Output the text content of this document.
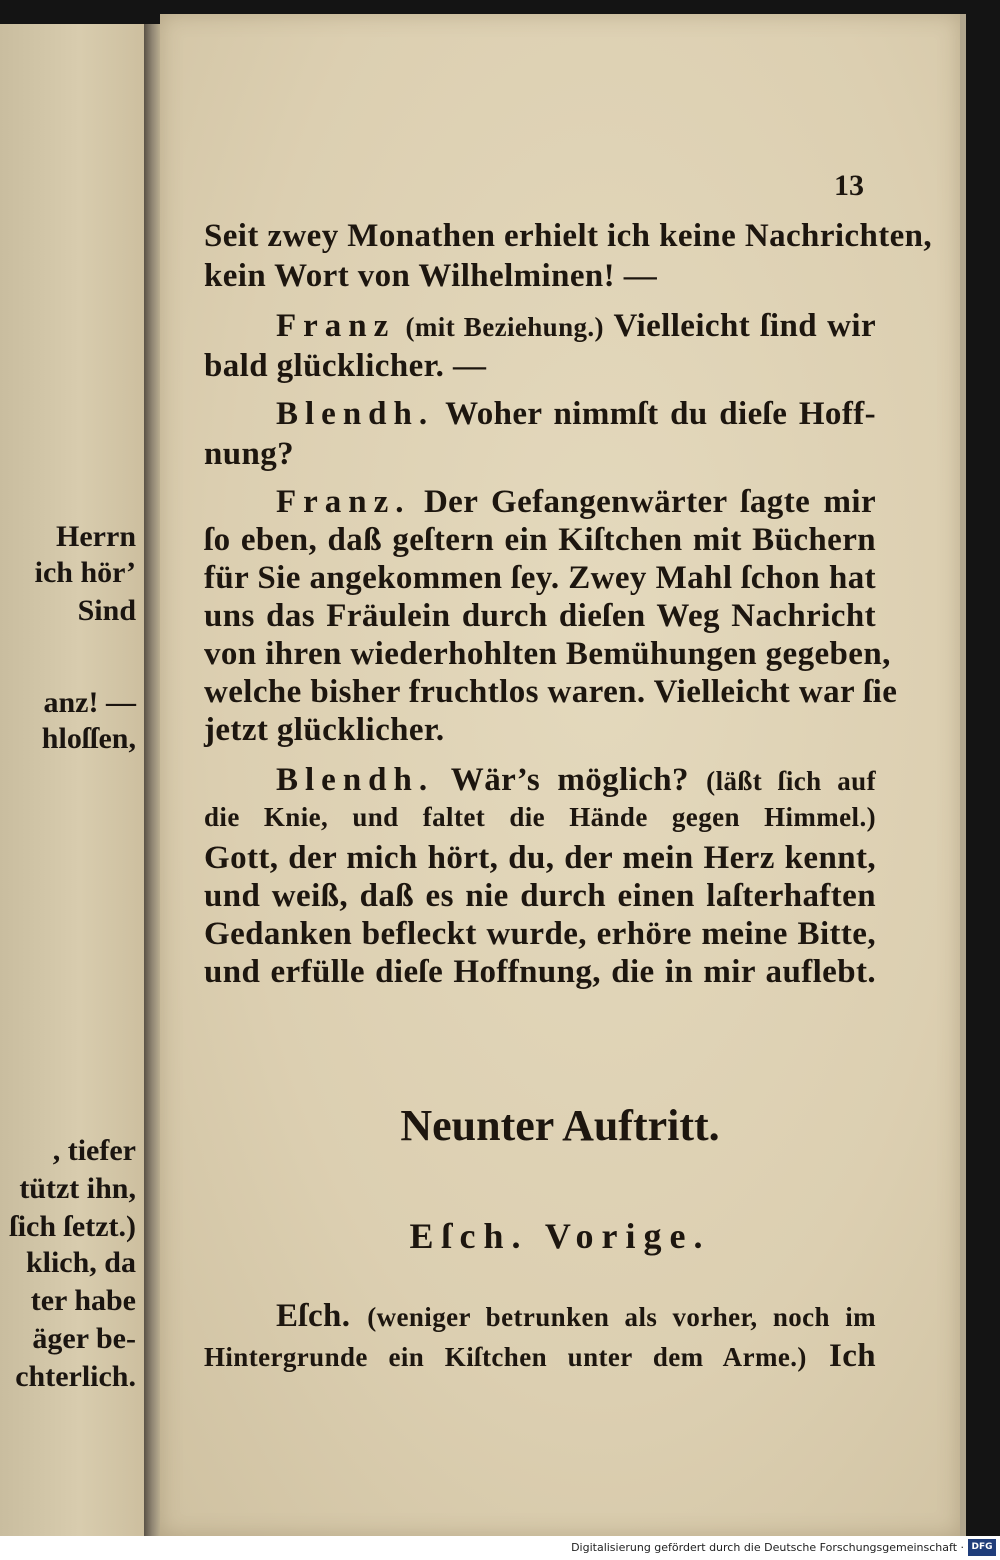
Herrn
ich hör’
Sind
anz! —
hloſſen,
, tiefer
tützt ihn,
ſich ſetzt.)
klich, da
ter habe
äger be-
chterlich.
13
Seit zwey Monathen erhielt ich keine Nachrichten,
kein Wort von Wilhelminen! —
Franz (mit Beziehung.) Vielleicht ſind wir
bald glücklicher. —
Blendh. Woher nimmſt du dieſe Hoff-
nung?
Franz. Der Gefangenwärter ſagte mir
ſo eben, daß geſtern ein Kiſtchen mit Büchern
für Sie angekommen ſey. Zwey Mahl ſchon hat
uns das Fräulein durch dieſen Weg Nachricht
von ihren wiederhohlten Bemühungen gegeben,
welche bisher fruchtlos waren. Vielleicht war ſie
jetzt glücklicher.
Blendh. Wär’s möglich? (läßt ſich auf
die Knie, und faltet die Hände gegen Himmel.)
Gott, der mich hört, du, der mein Herz kennt,
und weiß, daß es nie durch einen laſterhaften
Gedanken befleckt wurde, erhöre meine Bitte,
und erfülle dieſe Hoffnung, die in mir auflebt.
Neunter Auftritt.
Eſch. Vorige.
Eſch. (weniger betrunken als vorher, noch im
Hintergrunde ein Kiſtchen unter dem Arme.) Ich
Digitalisierung gefördert durch die Deutsche Forschungsgemeinschaft · DFG
